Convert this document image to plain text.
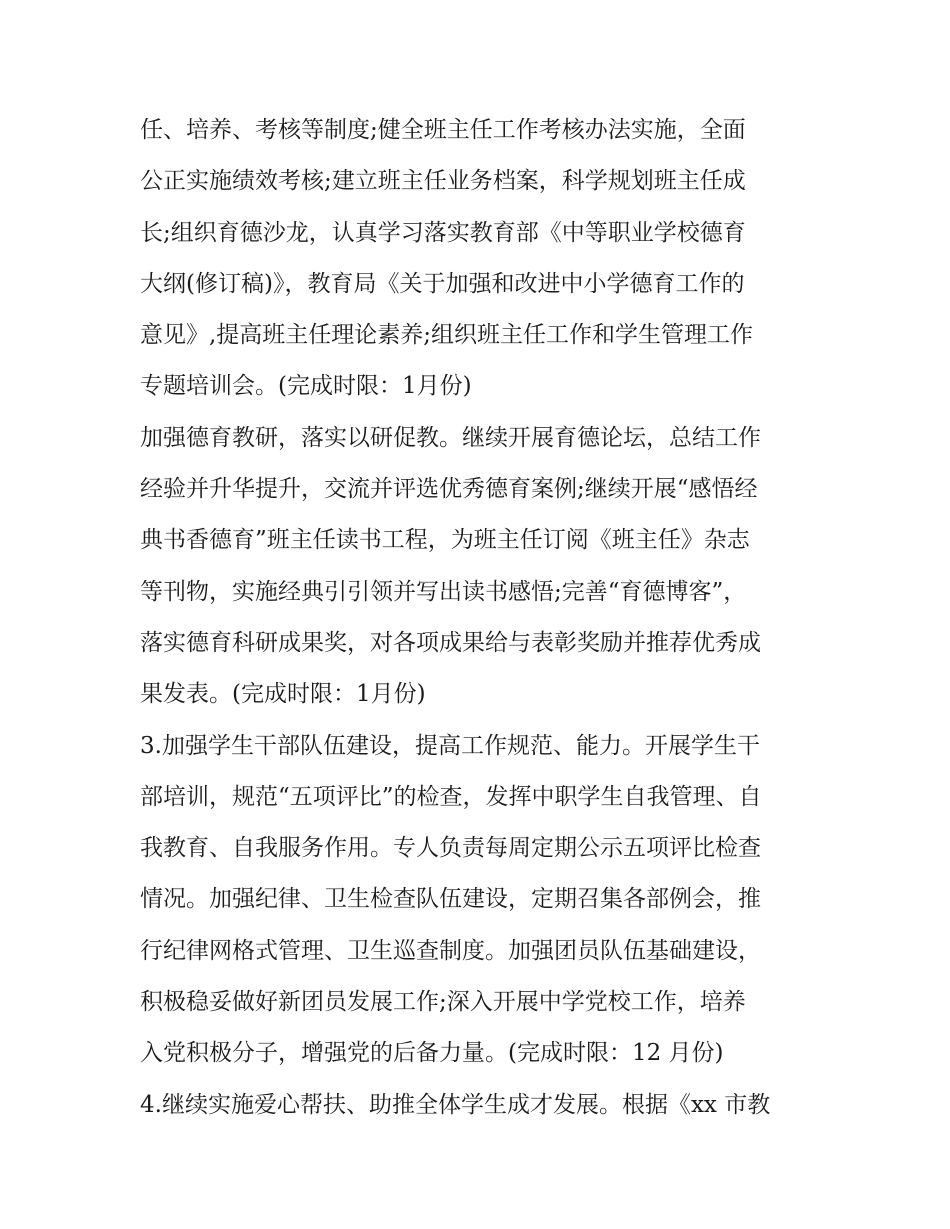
任、培养、考核等制度;健全班主任工作考核办法实施，全面
公正实施绩效考核;建立班主任业务档案，科学规划班主任成
长;组织育德沙龙，认真学习落实教育部《中等职业学校德育
大纲(修订稿)》，教育局《关于加强和改进中小学德育工作的
意见》,提高班主任理论素养;组织班主任工作和学生管理工作
专题培训会。(完成时限：1月份)
加强德育教研，落实以研促教。继续开展育德论坛，总结工作
经验并升华提升，交流并评选优秀德育案例;继续开展“感悟经
典书香德育”班主任读书工程，为班主任订阅《班主任》杂志
等刊物，实施经典引引领并写出读书感悟;完善“育德博客”，
落实德育科研成果奖，对各项成果给与表彰奖励并推荐优秀成
果发表。(完成时限：1月份)
3.加强学生干部队伍建设，提高工作规范、能力。开展学生干
部培训，规范“五项评比”的检查，发挥中职学生自我管理、自
我教育、自我服务作用。专人负责每周定期公示五项评比检查
情况。加强纪律、卫生检查队伍建设，定期召集各部例会，推
行纪律网格式管理、卫生巡查制度。加强团员队伍基础建设，
积极稳妥做好新团员发展工作;深入开展中学党校工作，培养
入党积极分子，增强党的后备力量。(完成时限：12 月份)
4.继续实施爱心帮扶、助推全体学生成才发展。根据《xx 市教
